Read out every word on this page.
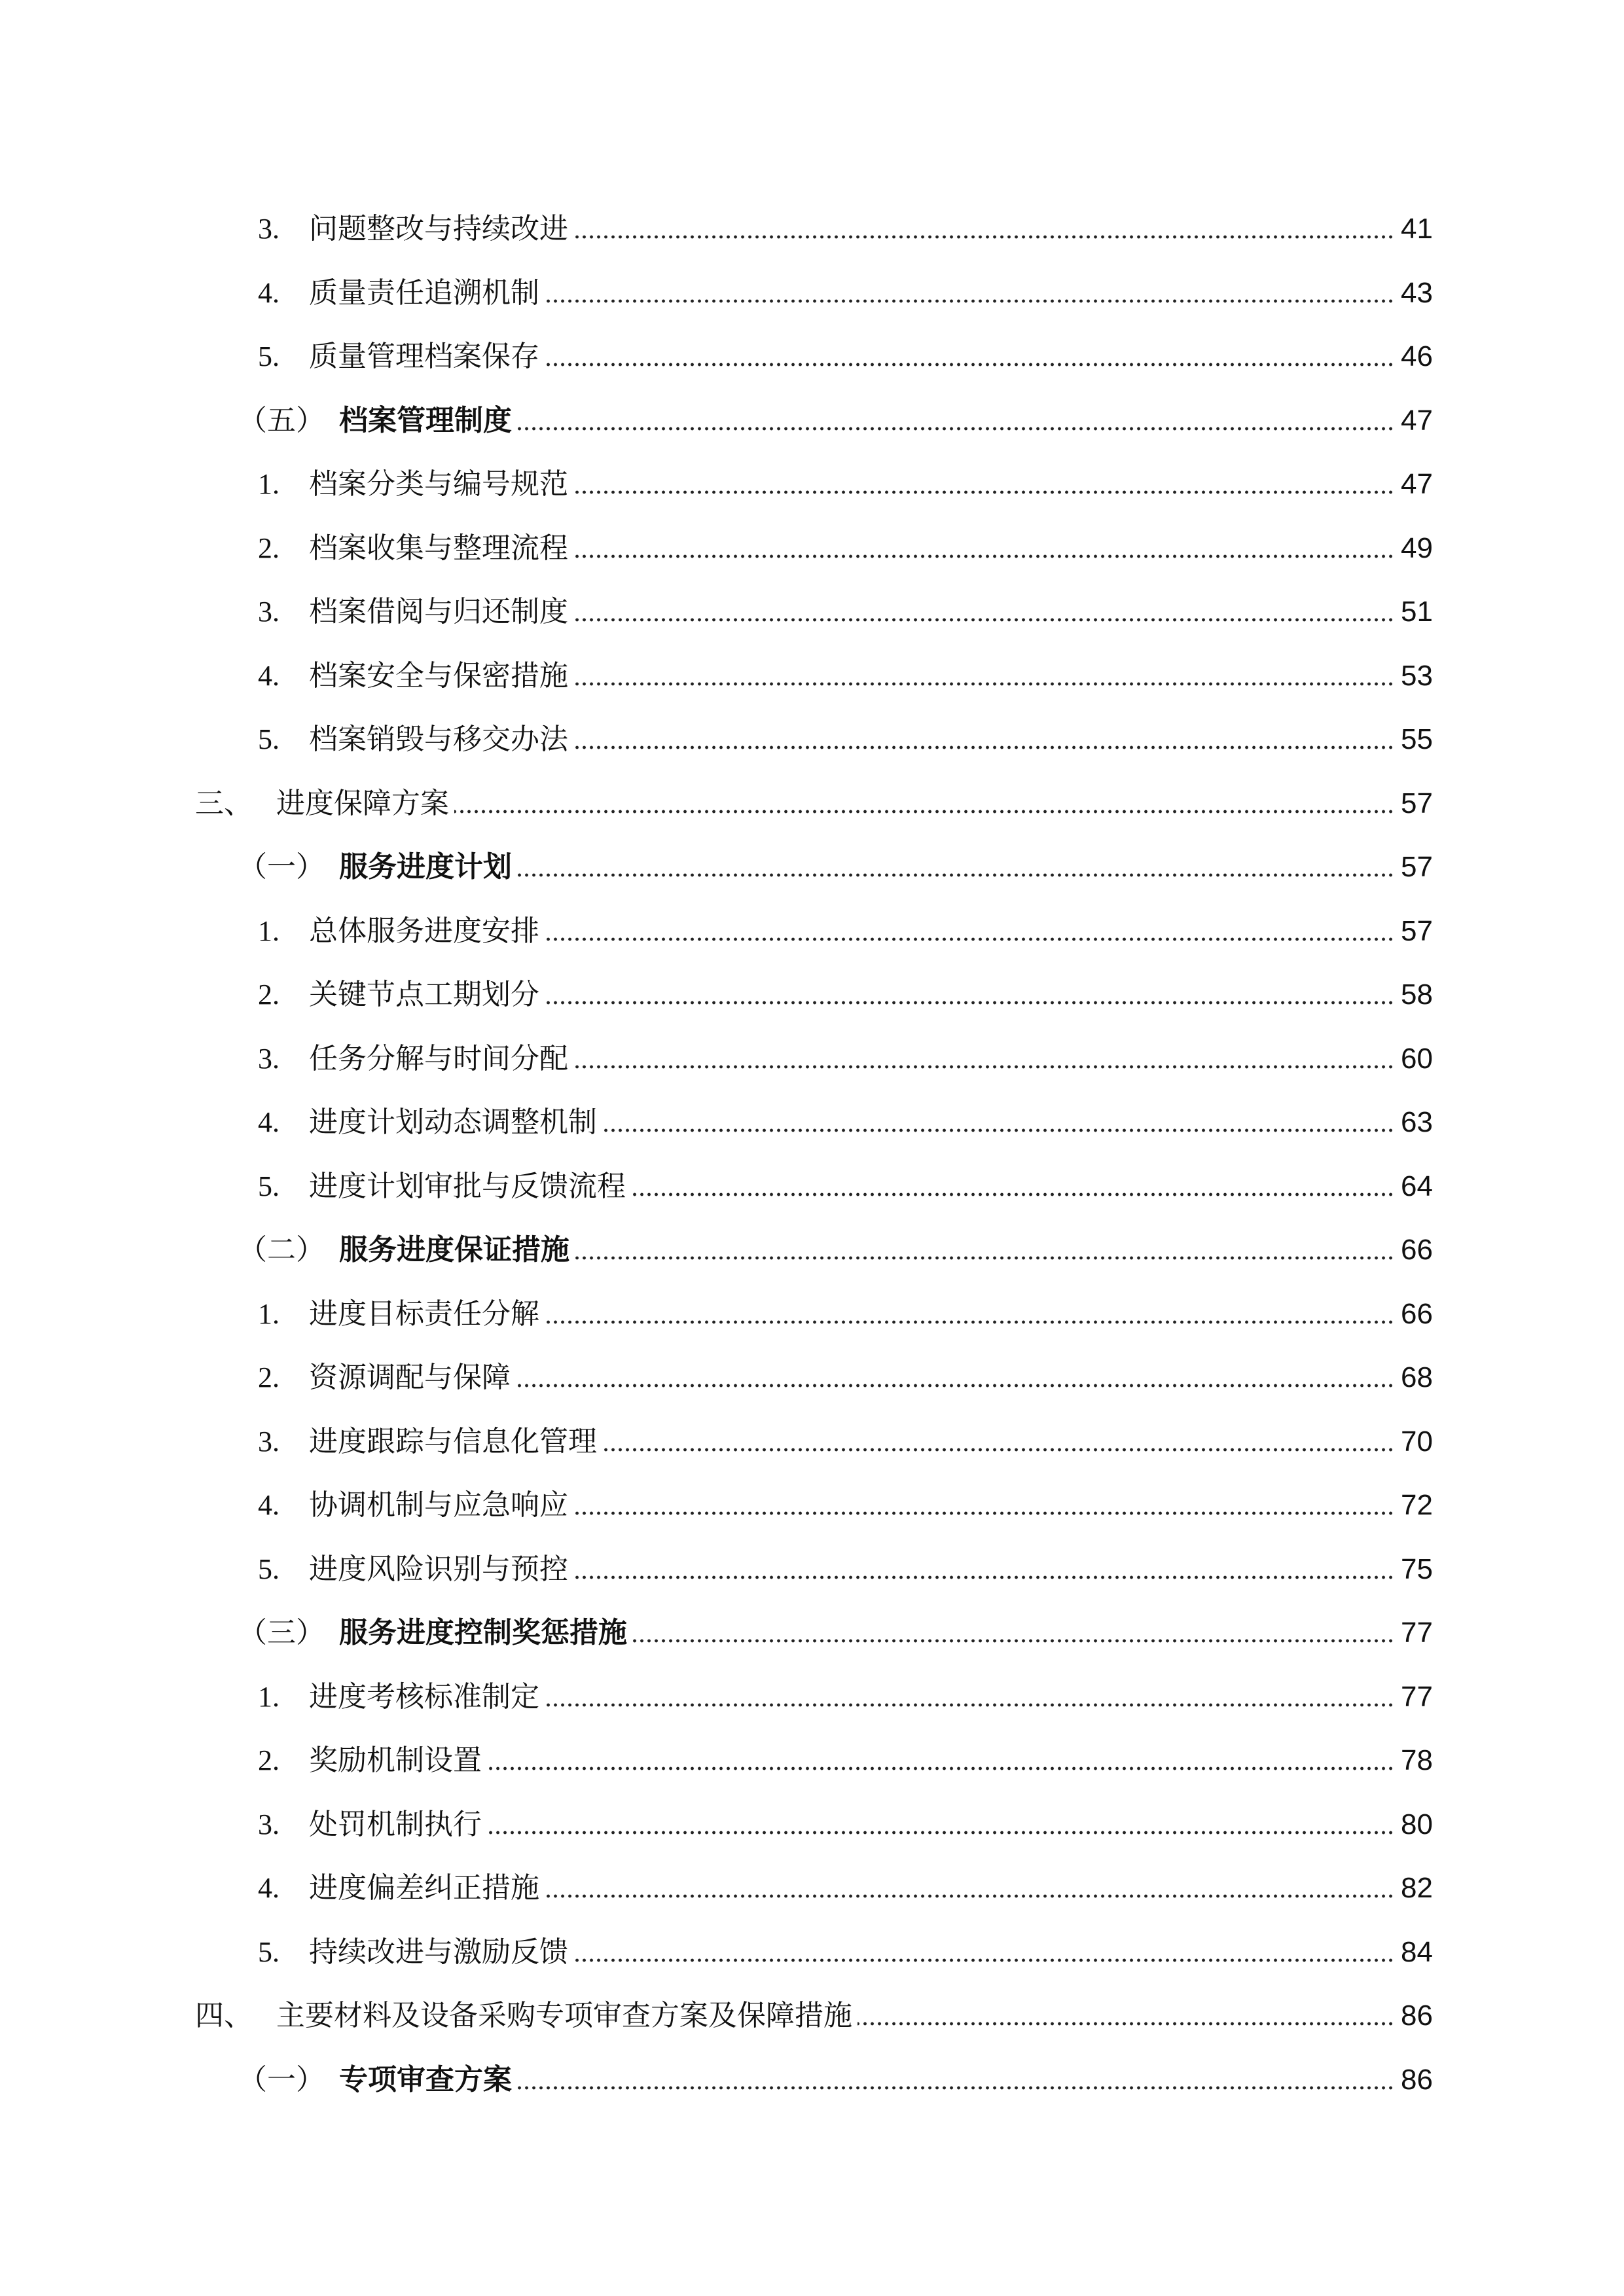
3.	问题整改与持续改进	41
4.	质量责任追溯机制	43
5.	质量管理档案保存	46
（五） 档案管理制度	47
1.	档案分类与编号规范	47
2.	档案收集与整理流程	49
3.	档案借阅与归还制度	51
4.	档案安全与保密措施	53
5.	档案销毁与移交办法	55
三、 进度保障方案	57
（一） 服务进度计划	57
1.	总体服务进度安排	57
2.	关键节点工期划分	58
3.	任务分解与时间分配	60
4.	进度计划动态调整机制	63
5.	进度计划审批与反馈流程	64
（二） 服务进度保证措施	66
1.	进度目标责任分解	66
2.	资源调配与保障	68
3.	进度跟踪与信息化管理	70
4.	协调机制与应急响应	72
5.	进度风险识别与预控	75
（三） 服务进度控制奖惩措施	77
1.	进度考核标准制定	77
2.	奖励机制设置	78
3.	处罚机制执行	80
4.	进度偏差纠正措施	82
5.	持续改进与激励反馈	84
四、 主要材料及设备采购专项审查方案及保障措施	86
（一） 专项审查方案	86
